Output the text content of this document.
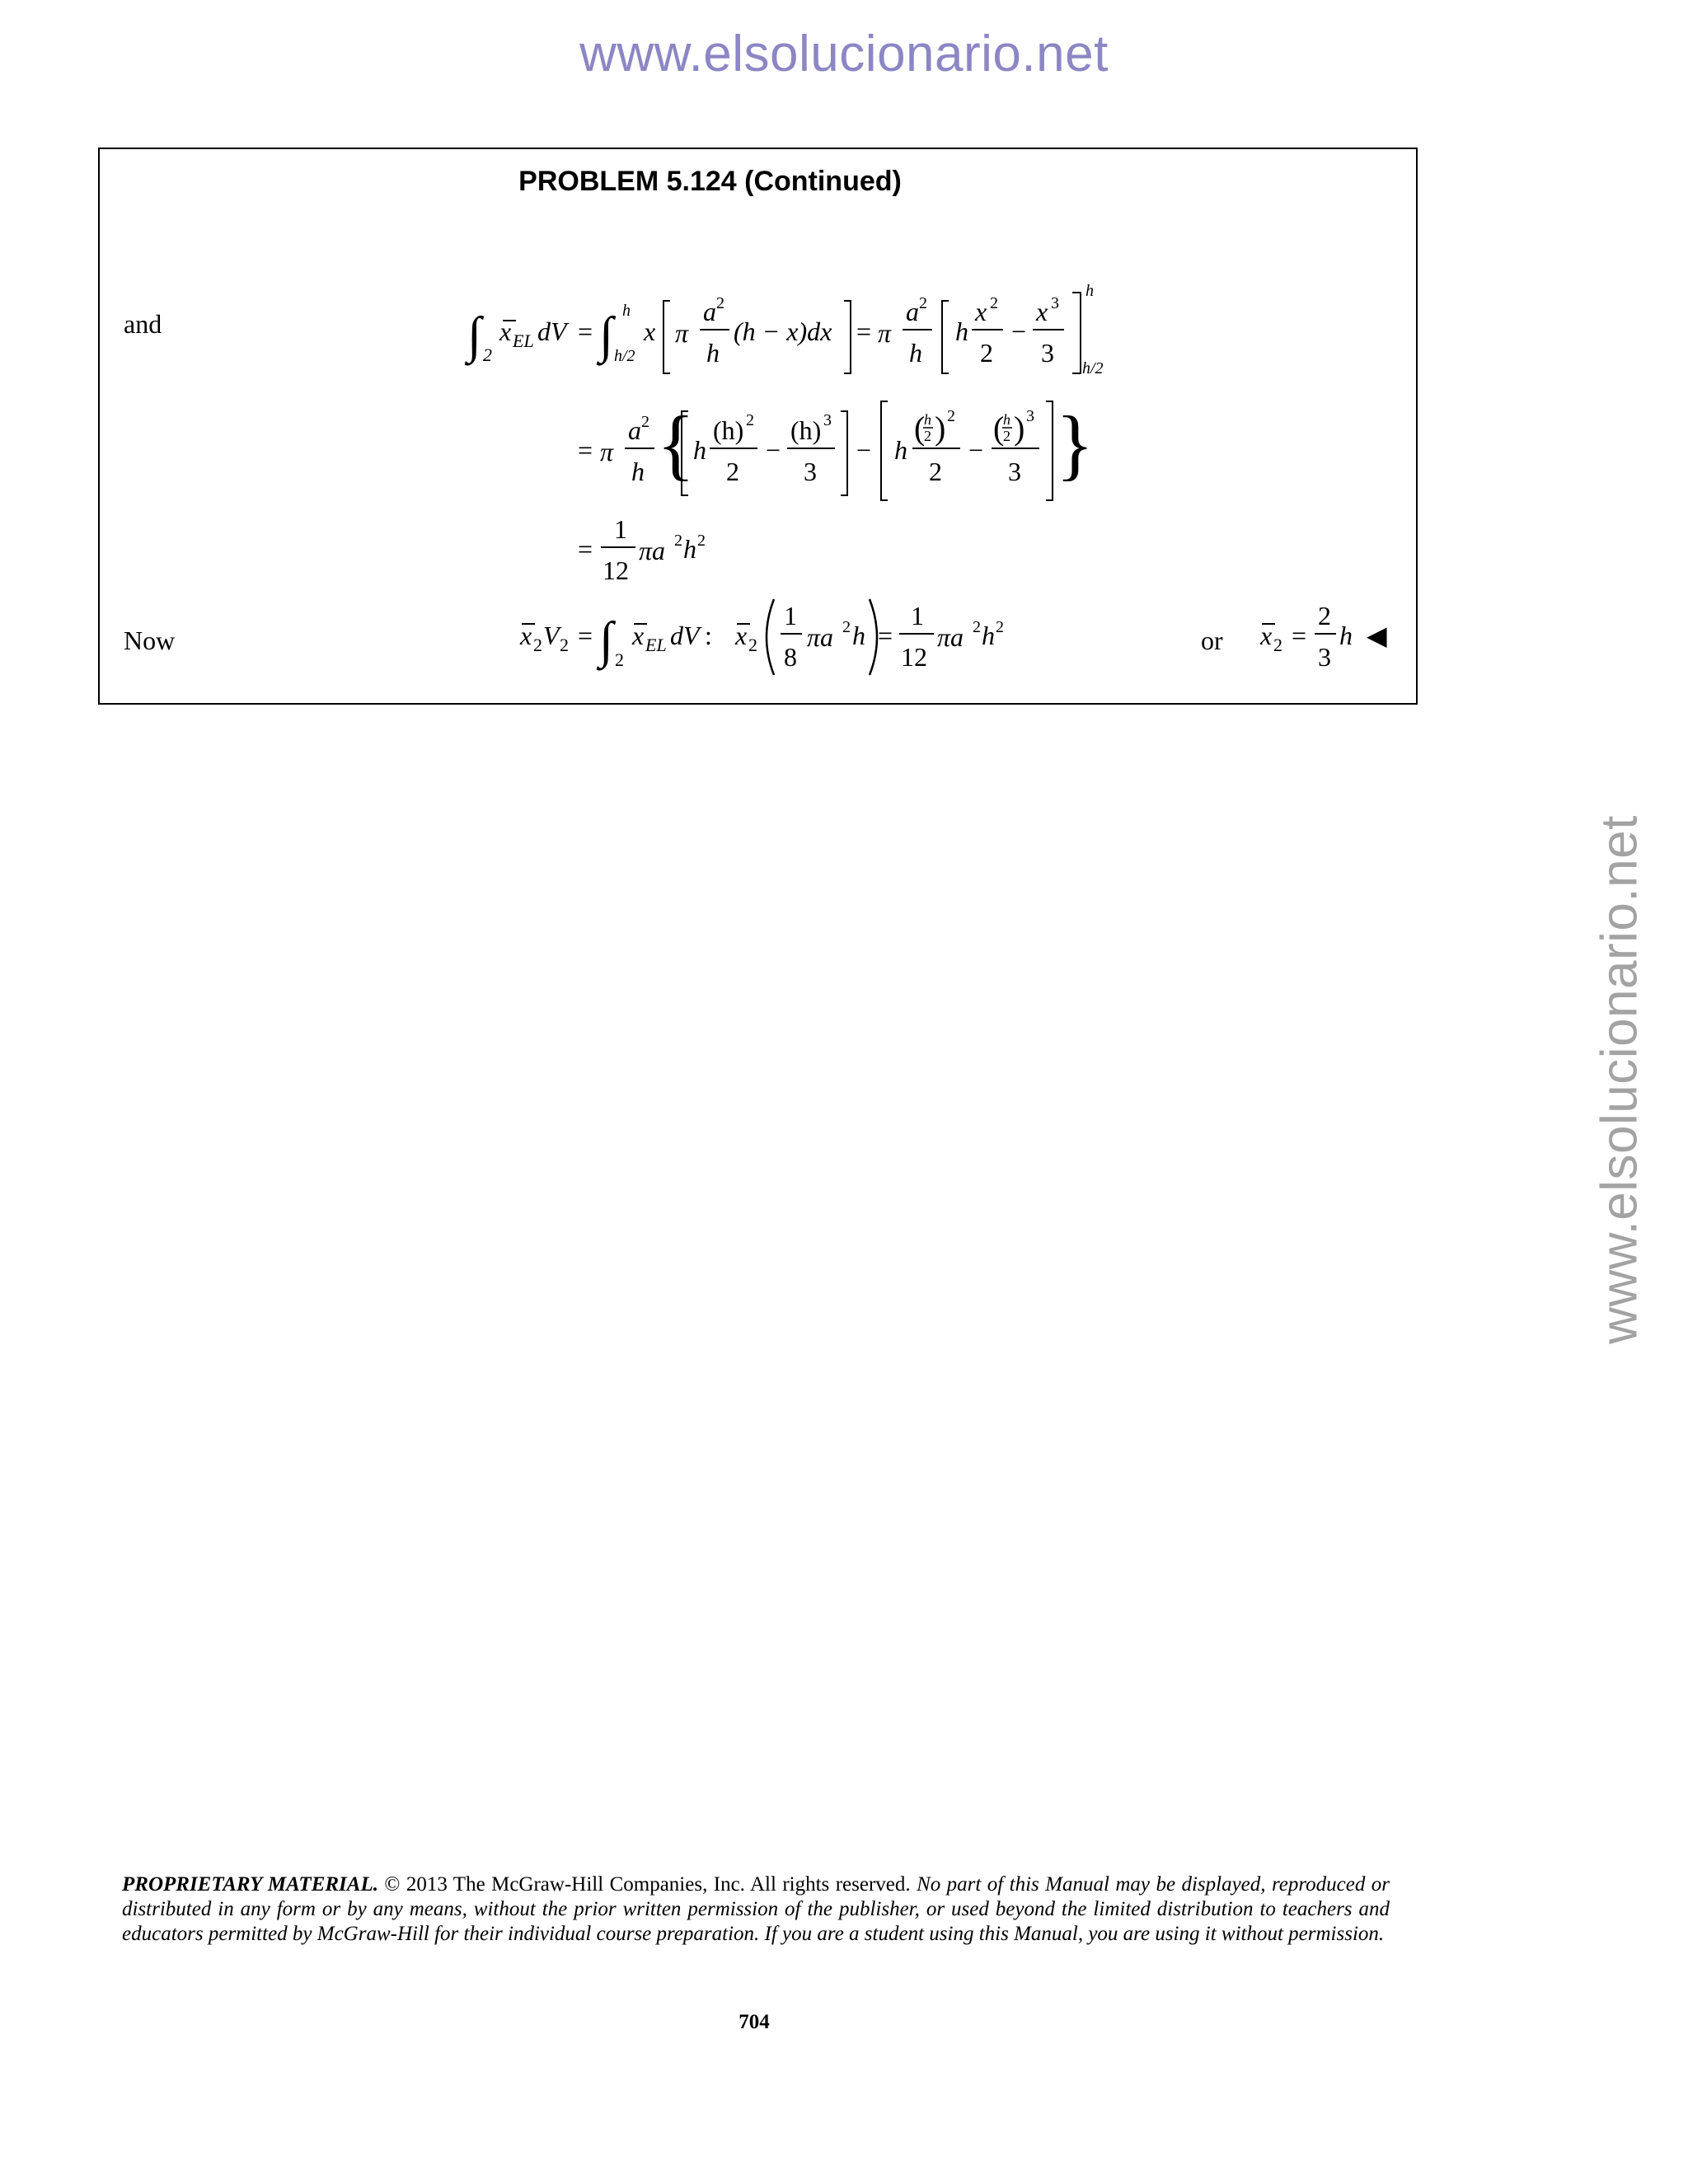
www.elsolucionario.net
www.elsolucionario.net
PROBLEM 5.124 (Continued)
and
Now	or
∫ 2
x EL dV = ∫ h
h/2
x π
a 2
h
(h − x)dx = π
a 2
h
h
x 2
2
−
x 3
3
h
h/2
= π
a 2
h {
h
(h) 2
2
−
(h) 3
3
− h
(
h
2 ) 2
2
−
(
h
2 ) 3
3 }
=
1
12
πa 2 h 2
x 2 V 2 = ∫ 2
x EL dV : x 2
1
8
πa 2 h =
1
12
πa 2 h 2	x 2 =
2
3
h ◀
PROPRIETARY MATERIAL. © 2013 The McGraw-Hill Companies, Inc. All rights reserved. No part of this Manual may be displayed, reproduced or distributed in any form or by any means, without the prior written permission of the publisher, or used beyond the limited distribution to teachers and educators permitted by McGraw-Hill for their individual course preparation. If you are a student using this Manual, you are using it without permission.
704
